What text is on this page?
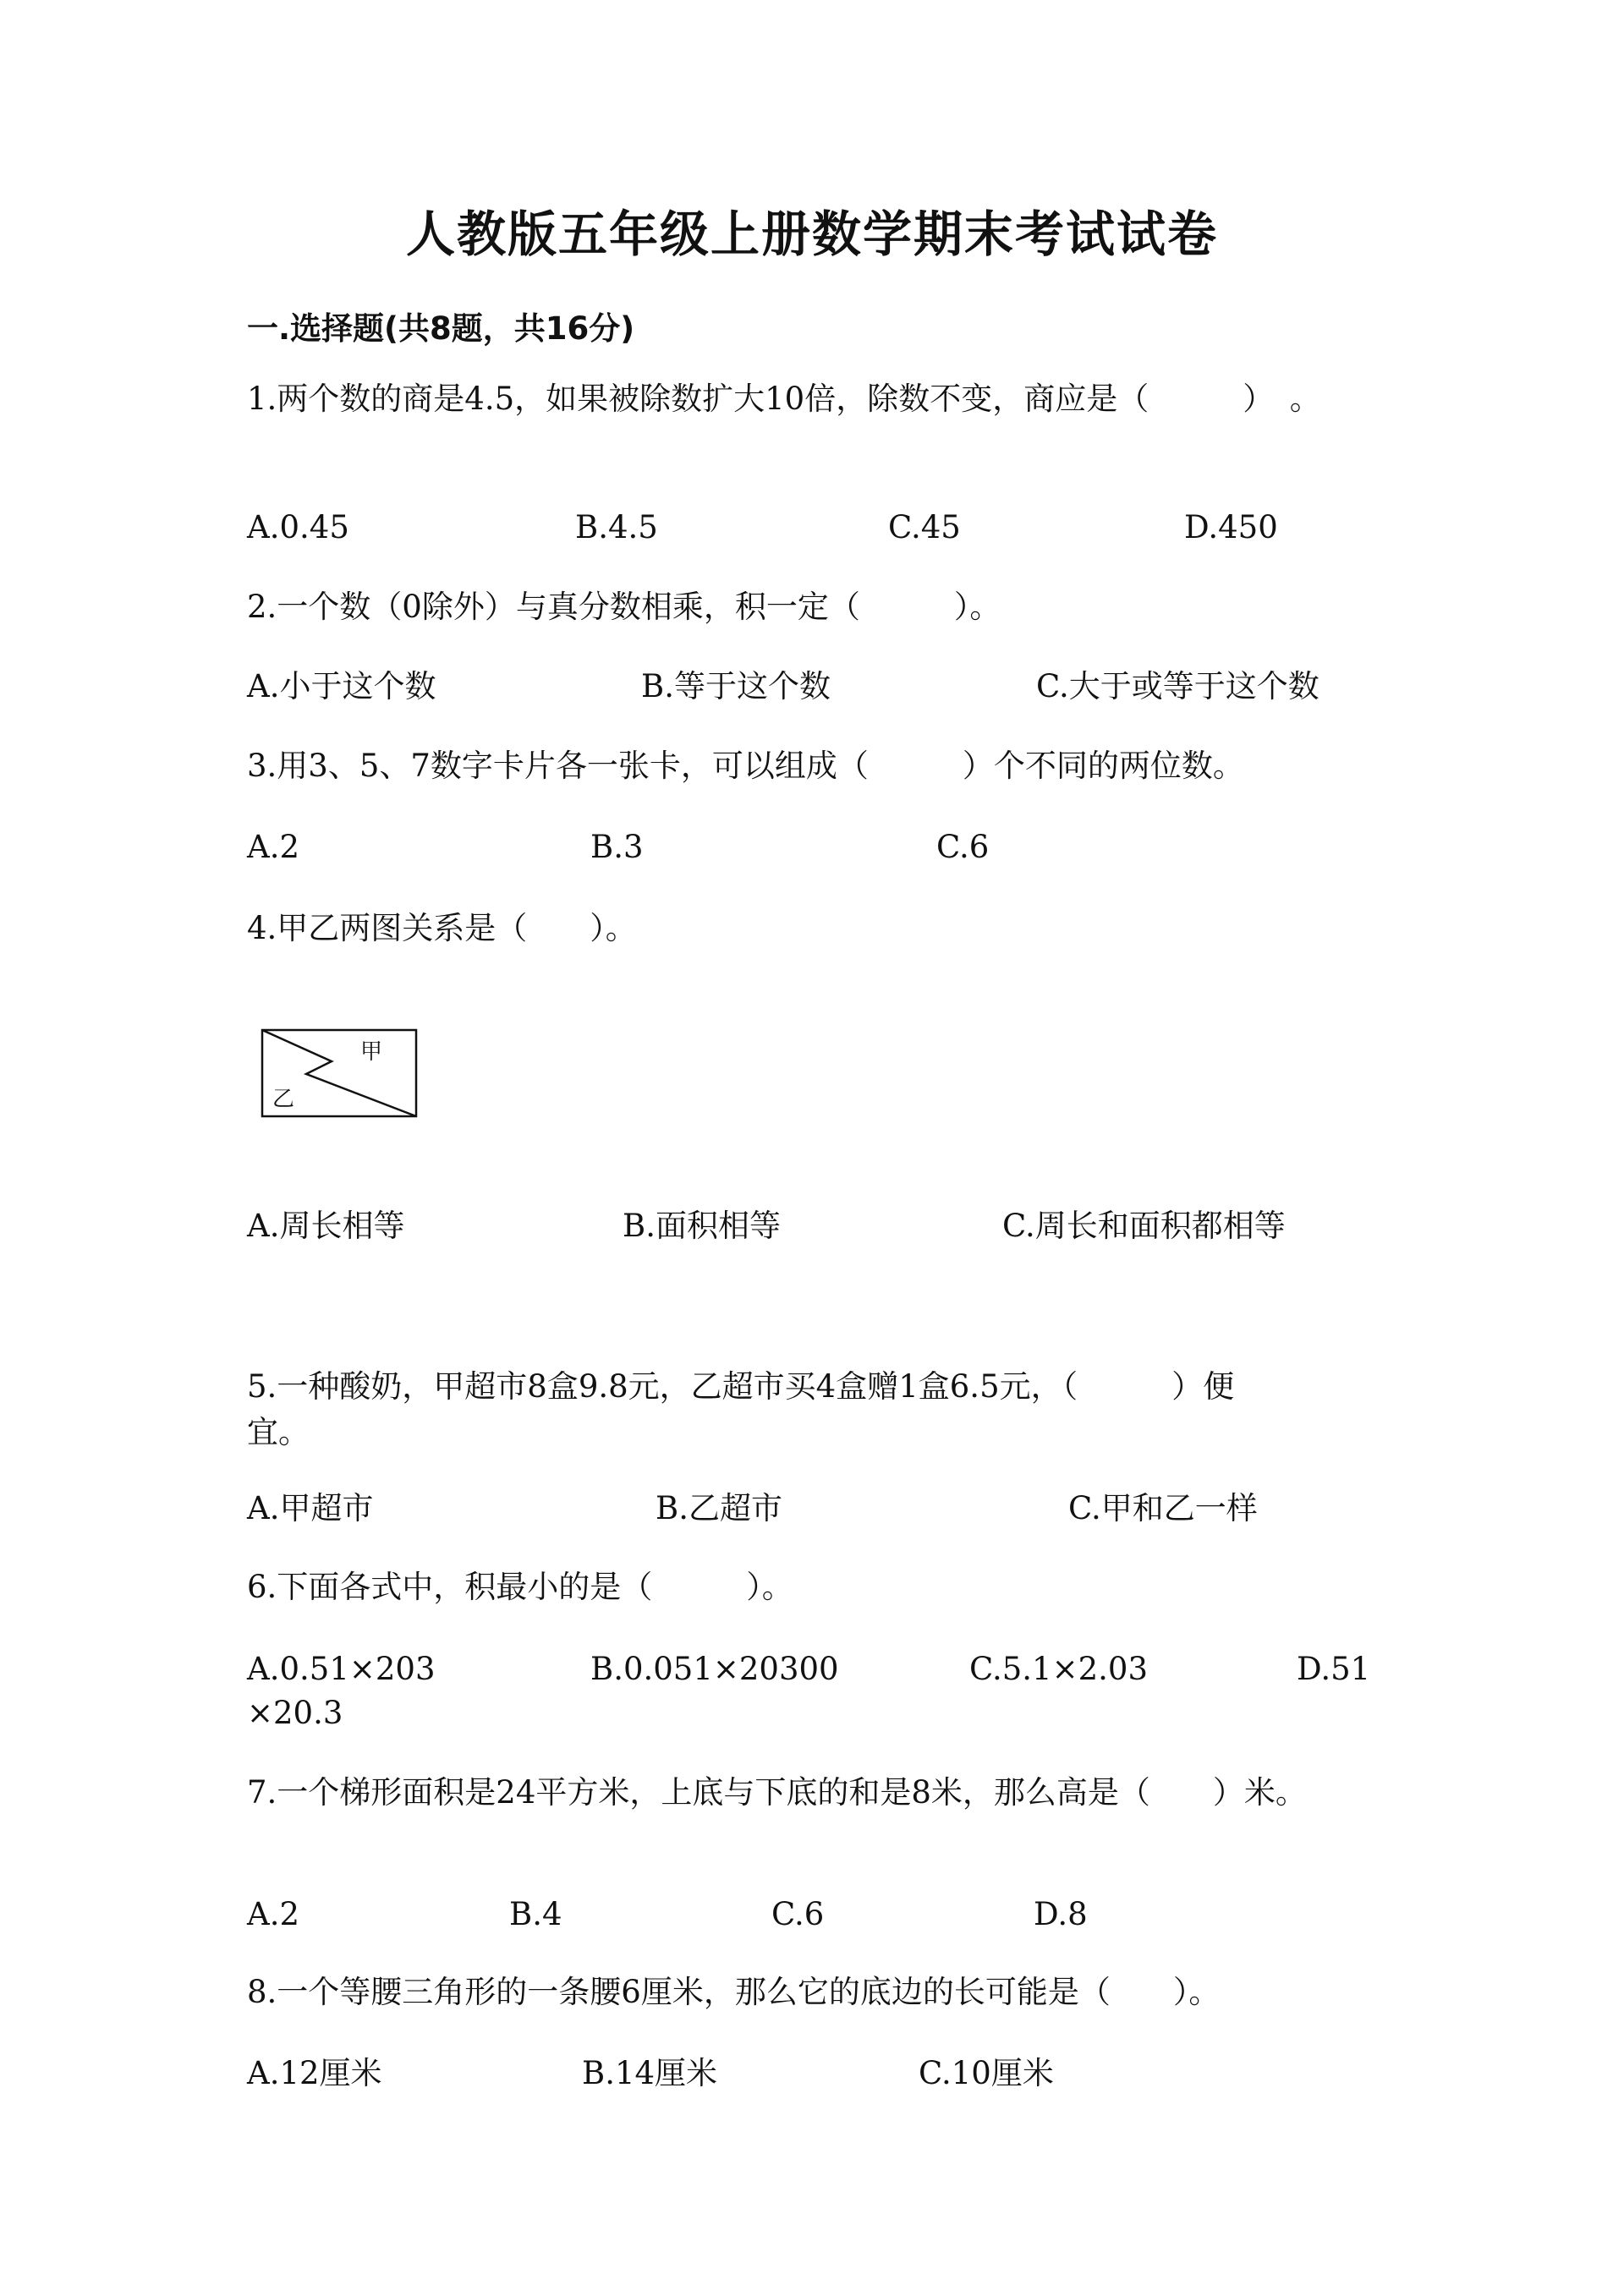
人教版五年级上册数学期末考试试卷
一.选择题(共8题，共16分)
1.两个数的商是4.5，如果被除数扩大10倍，除数不变，商应是（　　　）　。
A.0.45	B.4.5	C.45	D.450
2.一个数（0除外）与真分数相乘，积一定（　　　）。
A.小于这个数	B.等于这个数	C.大于或等于这个数
3.用3、5、7数字卡片各一张卡，可以组成（　　　）个不同的两位数。
A.2	B.3	C.6
4.甲乙两图关系是（　　）。
甲
乙
A.周长相等	B.面积相等	C.周长和面积都相等
5.一种酸奶，甲超市8盒9.8元，乙超市买4盒赠1盒6.5元，（　　　）便
宜。
A.甲超市	B.乙超市	C.甲和乙一样
6.下面各式中，积最小的是（　　　）。
A.0.51×203	B.0.051×20300	C.5.1×2.03	D.51
×20.3
7.一个梯形面积是24平方米，上底与下底的和是8米，那么高是（　　）米。
A.2	B.4	C.6	D.8
8.一个等腰三角形的一条腰6厘米，那么它的底边的长可能是（　　）。
A.12厘米	B.14厘米	C.10厘米
